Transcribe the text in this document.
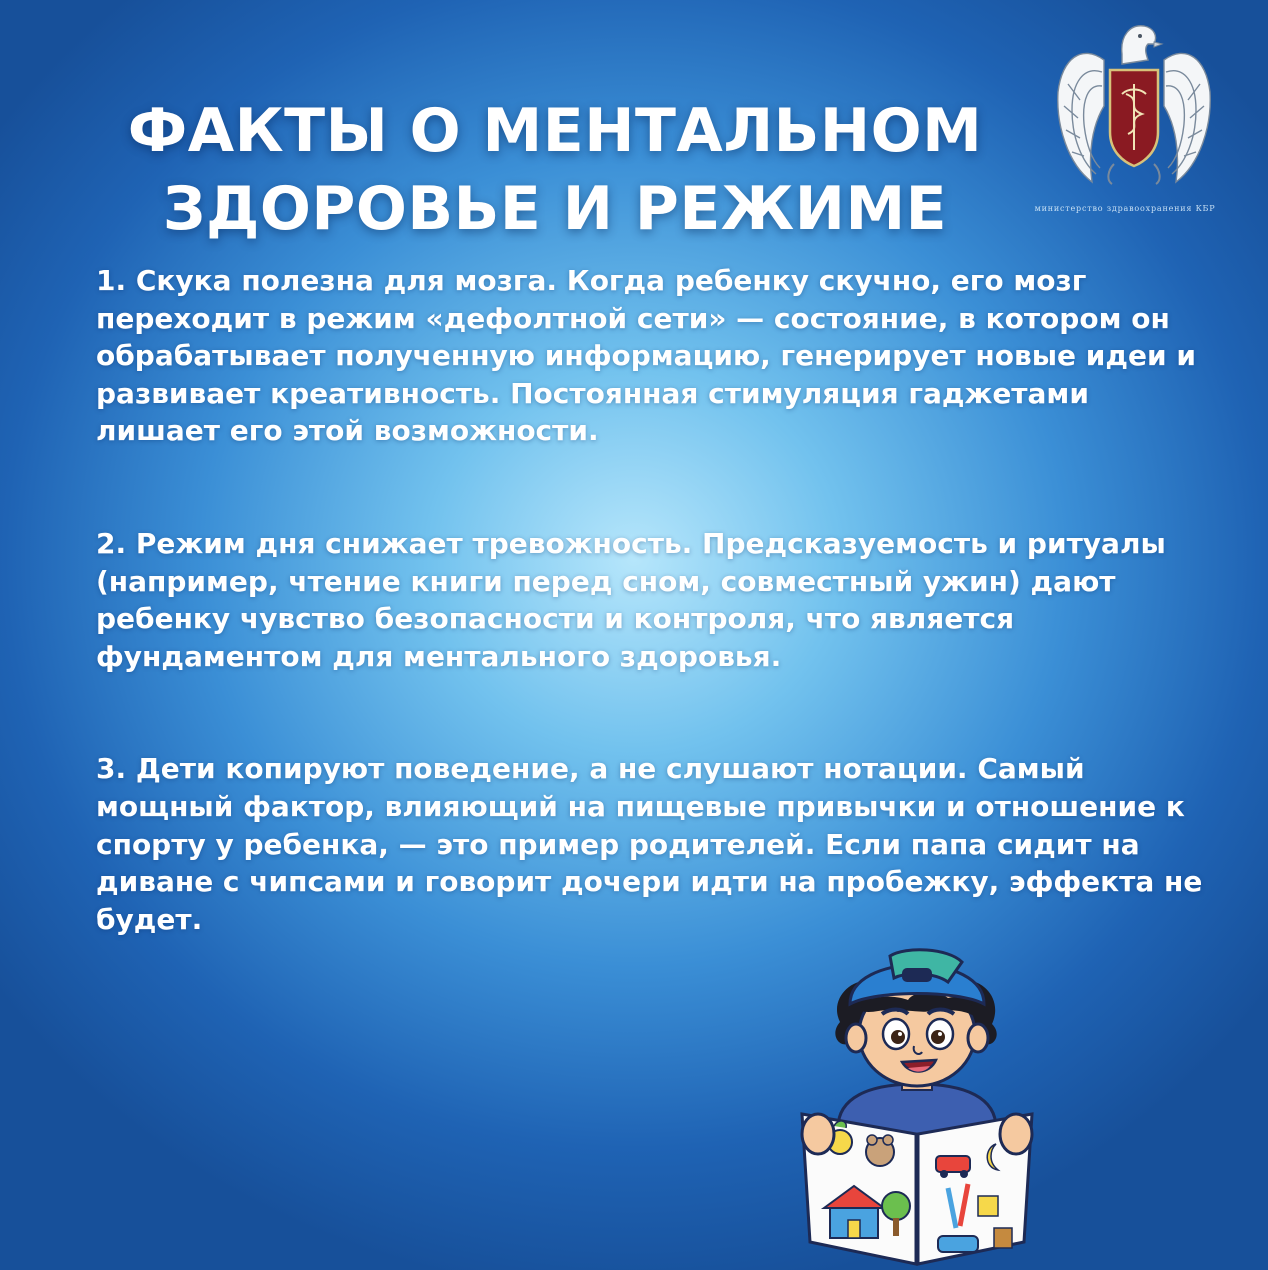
ФАКТЫ О МЕНТАЛЬНОМ
ЗДОРОВЬЕ И РЕЖИМЕ	министерство здравоохранения КБР

1. Скука полезна для мозга. Когда ребенку скучно, его мозг переходит в режим «дефолтной сети» — состояние, в котором он обрабатывает полученную информацию, генерирует новые идеи и развивает креативность. Постоянная стимуляция гаджетами лишает его этой возможности.

2. Режим дня снижает тревожность. Предсказуемость и ритуалы (например, чтение книги перед сном, совместный ужин) дают ребенку чувство безопасности и контроля, что является фундаментом для ментального здоровья.

3. Дети копируют поведение, а не слушают нотации. Самый мощный фактор, влияющий на пищевые привычки и отношение к спорту у ребенка, — это пример родителей. Если папа сидит на диване с чипсами и говорит дочери идти на пробежку, эффекта не будет.
